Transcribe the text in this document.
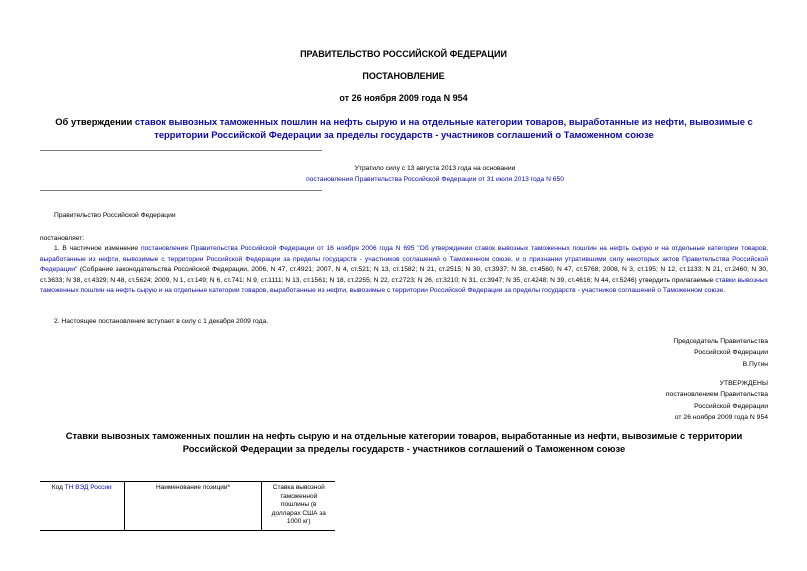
ПРАВИТЕЛЬСТВО РОССИЙСКОЙ ФЕДЕРАЦИИ
ПОСТАНОВЛЕНИЕ
от 26 ноября 2009 года N 954
Об утверждении ставок вывозных таможенных пошлин на нефть сырую и на отдельные категории товаров, выработанные из нефти, вывозимые с территории Российской Федерации за пределы государств - участников соглашений о Таможенном союзе
Утратило силу с 13 августа 2013 года на основании
постановления Правительства Российской Федерации от 31 июля 2013 года N 650
Правительство Российской Федерации
постановляет:
1. В частичное изменение постановления Правительства Российской Федерации от 16 ноября 2006 года N 695 "Об утверждении ставок вывозных таможенных пошлин на нефть сырую и на отдельные категории товаров, выработанные из нефти, вывозимые с территории Российской Федерации за пределы государств - участников соглашений о Таможенном союзе, и о признании утратившими силу некоторых актов Правительства Российской Федерации" (Собрание законодательства Российской Федерации, 2006, N 47, ст.4921; 2007, N 4, ст.521; N 13, ст.1582; N 21, ст.2515; N 30, ст.3937; N 38, ст.4560; N 47, ст.5768; 2008, N 3, ст.195; N 12, ст.1133; N 21, ст.2460; N 30, ст.3633; N 38, ст.4329; N 48, ст.5624; 2009, N 1, ст.149; N 6, ст.741; N 9, ст.1111; N 13, ст.1561; N 18, ст.2255; N 22, ст.2723; N 26, ст.3210; N 31, ст.3947; N 35, ст.4248; N 39, ст.4616; N 44, ст.5246) утвердить прилагаемые ставки вывозных таможенных пошлин на нефть сырую и на отдельные категории товаров, выработанные из нефти, вывозимые с территории Российской Федерации за пределы государств - участников соглашений о Таможенном союзе.
2. Настоящее постановление вступает в силу с 1 декабря 2009 года.
Председатель Правительства
Российской Федерации
В.Путин
УТВЕРЖДЕНЫ
постановлением Правительства
Российской Федерации
от 26 ноября 2009 года N 954
Ставки вывозных таможенных пошлин на нефть сырую и на отдельные категории товаров, выработанные из нефти, вывозимые с территории Российской Федерации за пределы государств - участников соглашений о Таможенном союзе
Код ТН ВЭД России	Наименование позиции*	Ставка вывозной таможенной пошлины (в долларах США за 1000 кг)
